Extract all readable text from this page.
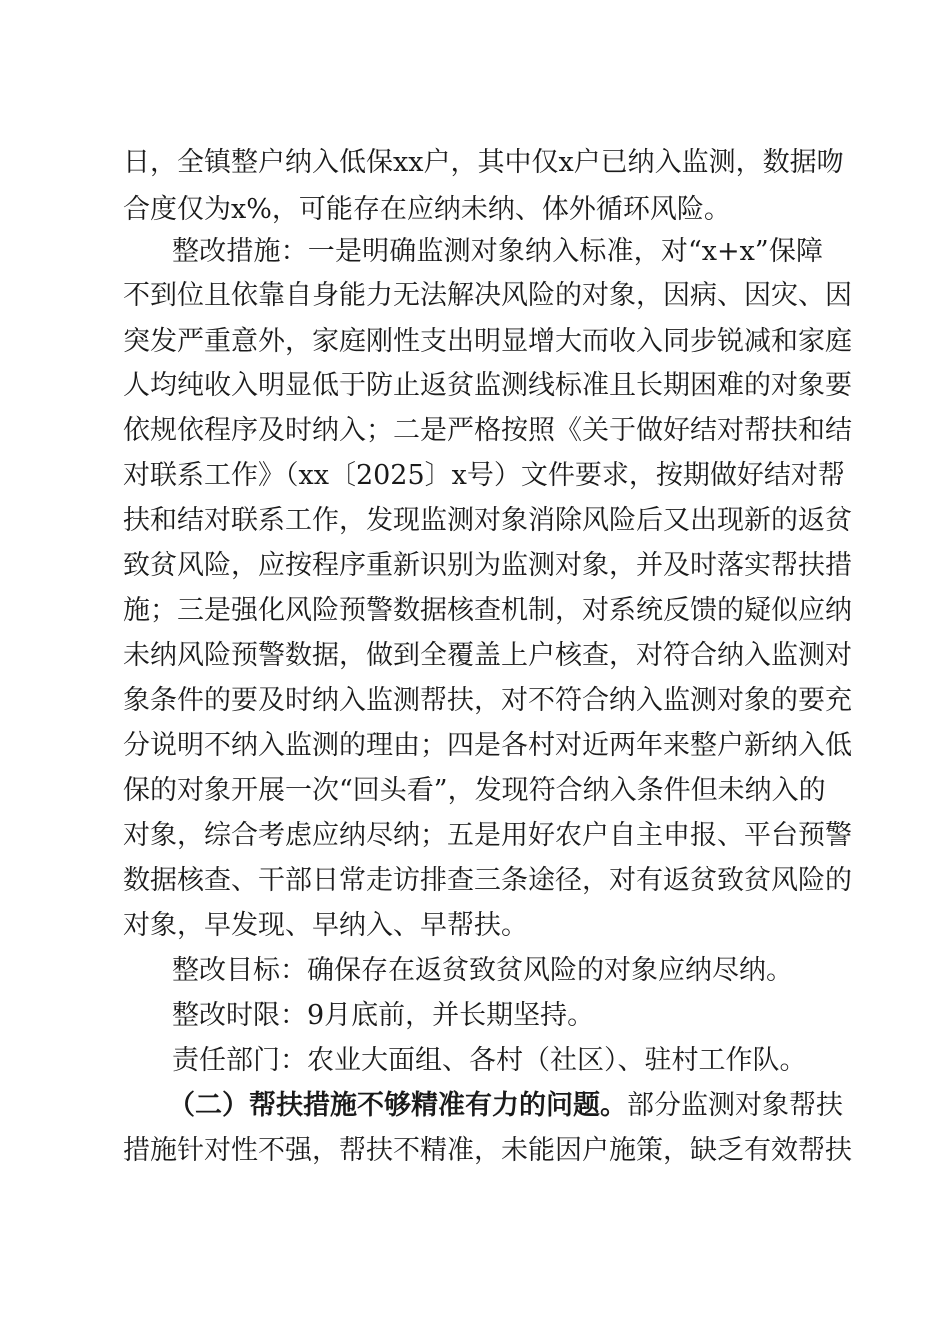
日，全镇整户纳入低保xx户，其中仅x户已纳入监测，数据吻
合度仅为x%，可能存在应纳未纳、体外循环风险。
整改措施：一是明确监测对象纳入标准，对“x+x”保障
不到位且依靠自身能力无法解决风险的对象，因病、因灾、因
突发严重意外，家庭刚性支出明显增大而收入同步锐减和家庭
人均纯收入明显低于防止返贫监测线标准且长期困难的对象要
依规依程序及时纳入；二是严格按照《关于做好结对帮扶和结
对联系工作》（xx〔2025〕x号）文件要求，按期做好结对帮
扶和结对联系工作，发现监测对象消除风险后又出现新的返贫
致贫风险，应按程序重新识别为监测对象，并及时落实帮扶措
施；三是强化风险预警数据核查机制，对系统反馈的疑似应纳
未纳风险预警数据，做到全覆盖上户核查，对符合纳入监测对
象条件的要及时纳入监测帮扶，对不符合纳入监测对象的要充
分说明不纳入监测的理由；四是各村对近两年来整户新纳入低
保的对象开展一次“回头看”，发现符合纳入条件但未纳入的
对象，综合考虑应纳尽纳；五是用好农户自主申报、平台预警
数据核查、干部日常走访排查三条途径，对有返贫致贫风险的
对象，早发现、早纳入、早帮扶。
整改目标：确保存在返贫致贫风险的对象应纳尽纳。
整改时限：9月底前，并长期坚持。
责任部门：农业大面组、各村（社区）、驻村工作队。
（二）帮扶措施不够精准有力的问题。部分监测对象帮扶
措施针对性不强，帮扶不精准，未能因户施策，缺乏有效帮扶
